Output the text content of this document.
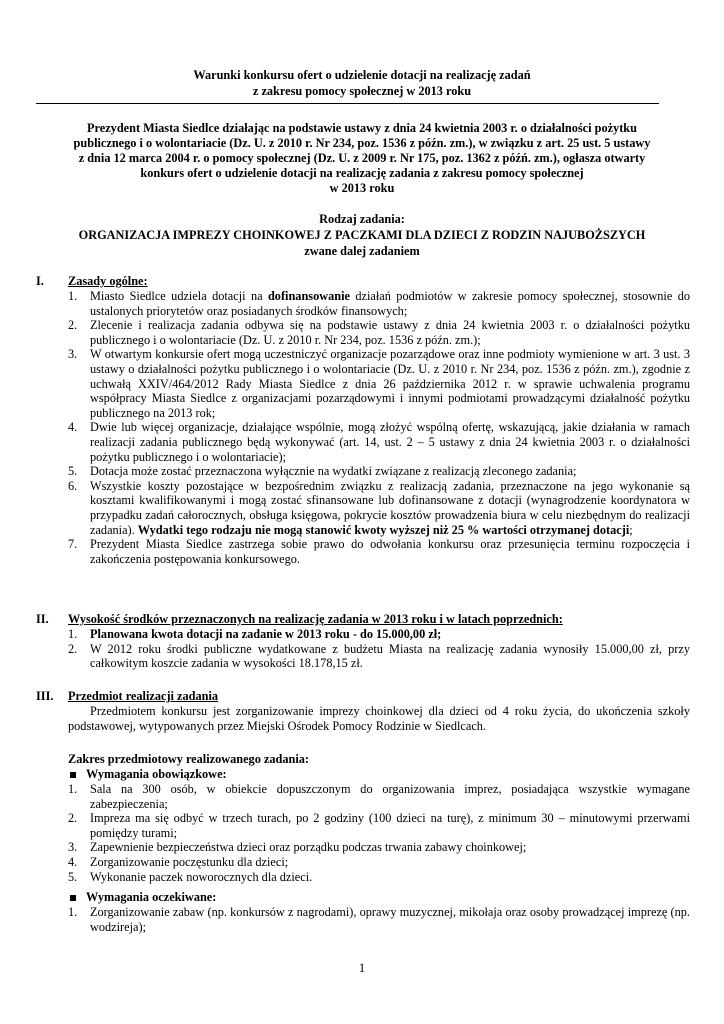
Warunki konkursu ofert o udzielenie dotacji na realizację zadań
z zakresu pomocy społecznej w 2013 roku
Prezydent Miasta Siedlce działając na podstawie ustawy z dnia 24 kwietnia 2003 r. o działalności pożytku
publicznego i o wolontariacie (Dz. U. z 2010 r. Nr 234, poz. 1536 z późn. zm.), w związku z art. 25 ust. 5 ustawy
z dnia 12 marca 2004 r. o pomocy społecznej (Dz. U. z 2009 r. Nr 175, poz. 1362 z późń. zm.), ogłasza otwarty
konkurs ofert o udzielenie dotacji na realizację zadania z zakresu pomocy społecznej
w 2013 roku
Rodzaj zadania:
ORGANIZACJA IMPREZY CHOINKOWEJ Z PACZKAMI DLA DZIECI Z RODZIN NAJUBOŻSZYCH
zwane dalej zadaniem
I. Zasady ogólne:
1. Miasto Siedlce udziela dotacji na dofinansowanie działań podmiotów w zakresie pomocy społecznej, stosownie do ustalonych priorytetów oraz posiadanych środków finansowych;
2. Zlecenie i realizacja zadania odbywa się na podstawie ustawy z dnia 24 kwietnia 2003 r. o działalności pożytku publicznego i o wolontariacie (Dz. U. z 2010 r. Nr 234, poz. 1536 z późn. zm.);
3. W otwartym konkursie ofert mogą uczestniczyć organizacje pozarządowe oraz inne podmioty wymienione w art. 3 ust. 3 ustawy o działalności pożytku publicznego i o wolontariacie (Dz. U. z 2010 r. Nr 234, poz. 1536 z późn. zm.), zgodnie z uchwałą XXIV/464/2012 Rady Miasta Siedlce z dnia 26 października 2012 r. w sprawie uchwalenia programu współpracy Miasta Siedlce z organizacjami pozarządowymi i innymi podmiotami prowadzącymi działalność pożytku publicznego na 2013 rok;
4. Dwie lub więcej organizacje, działające wspólnie, mogą złożyć wspólną ofertę, wskazującą, jakie działania w ramach realizacji zadania publicznego będą wykonywać (art. 14, ust. 2 – 5 ustawy z dnia 24 kwietnia 2003 r. o działalności pożytku publicznego i o wolontariacie);
5. Dotacja może zostać przeznaczona wyłącznie na wydatki związane z realizacją zleconego zadania;
6. Wszystkie koszty pozostające w bezpośrednim związku z realizacją zadania, przeznaczone na jego wykonanie są kosztami kwalifikowanymi i mogą zostać sfinansowane lub dofinansowane z dotacji (wynagrodzenie koordynatora w przypadku zadań całorocznych, obsługa księgowa, pokrycie kosztów prowadzenia biura w celu niezbędnym do realizacji zadania). Wydatki tego rodzaju nie mogą stanowić kwoty wyższej niż 25 % wartości otrzymanej dotacji;
7. Prezydent Miasta Siedlce zastrzega sobie prawo do odwołania konkursu oraz przesunięcia terminu rozpoczęcia i zakończenia postępowania konkursowego.
II. Wysokość środków przeznaczonych na realizację zadania w 2013 roku i w latach poprzednich:
1. Planowana kwota dotacji na zadanie w 2013 roku - do 15.000,00 zł;
2. W 2012 roku środki publiczne wydatkowane z budżetu Miasta na realizację zadania wynosiły 15.000,00 zł, przy całkowitym koszcie zadania w wysokości 18.178,15 zł.
III. Przedmiot realizacji zadania
Przedmiotem konkursu jest zorganizowanie imprezy choinkowej dla dzieci od 4 roku życia, do ukończenia szkoły podstawowej, wytypowanych przez Miejski Ośrodek Pomocy Rodzinie w Siedlcach.
Zakres przedmiotowy realizowanego zadania:
Wymagania obowiązkowe:
1. Sala na 300 osób, w obiekcie dopuszczonym do organizowania imprez, posiadająca wszystkie wymagane zabezpieczenia;
2. Impreza ma się odbyć w trzech turach, po 2 godziny (100 dzieci na turę), z minimum 30 – minutowymi przerwami pomiędzy turami;
3. Zapewnienie bezpieczeństwa dzieci oraz porządku podczas trwania zabawy choinkowej;
4. Zorganizowanie poczęstunku dla dzieci;
5. Wykonanie paczek noworocznych dla dzieci.
Wymagania oczekiwane:
1. Zorganizowanie zabaw (np. konkursów z nagrodami), oprawy muzycznej, mikołaja oraz osoby prowadzącej imprezę (np. wodzireja);
1
